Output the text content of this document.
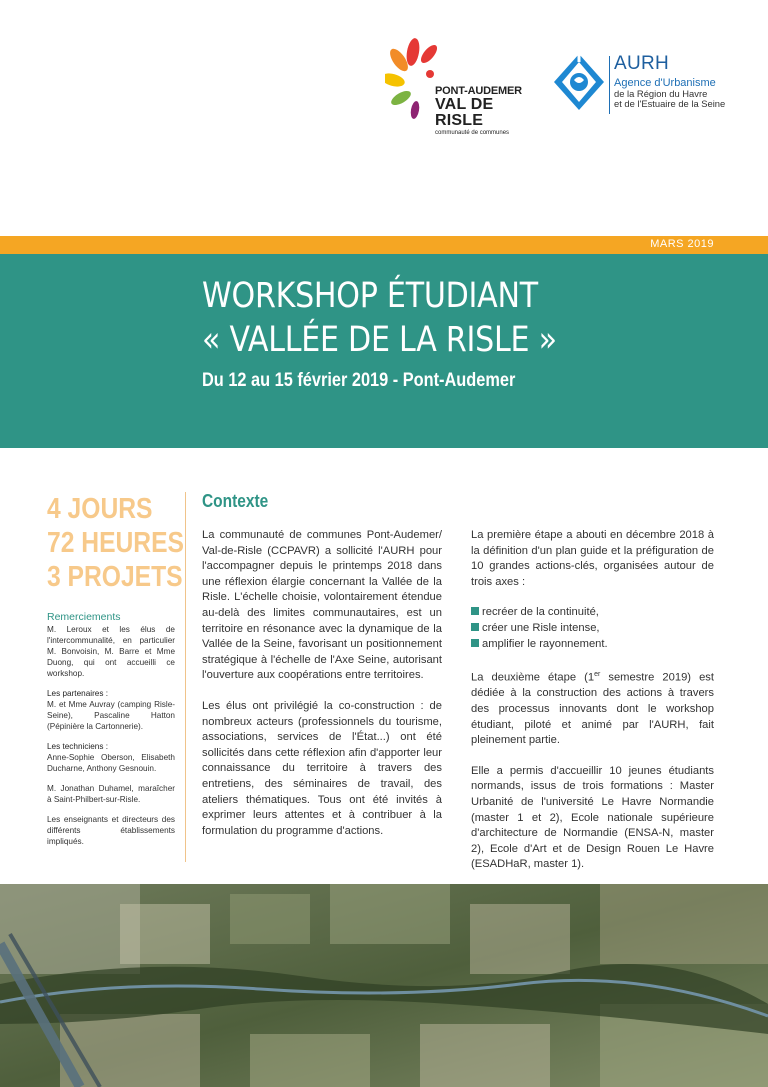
PONT-AUDEMER
VAL DE RISLE
communauté de communes
AURH
Agence d'Urbanisme
de la Région du Havre
et de l'Estuaire de la Seine
MARS 2019
WORKSHOP ÉTUDIANT
« VALLÉE DE LA RISLE »
Du 12 au 15 février 2019 - Pont-Audemer
4 JOURS
72 HEURES
3 PROJETS
Remerciements
M. Leroux et les élus de l'intercommunalité, en particulier M. Bonvoisin, M. Barre et Mme Duong, qui ont accueilli ce workshop.
Les partenaires :
M. et Mme Auvray (camping Risle-Seine), Pascaline Hatton (Pépinière la Cartonnerie).
Les techniciens :
Anne-Sophie Oberson, Elisabeth Ducharne, Anthony Gesnouin.
M. Jonathan Duhamel, maraîcher à Saint-Philbert-sur-Risle.
Les enseignants et directeurs des différents établissements impliqués.
Contexte

La communauté de communes Pont-Audemer/ Val-de-Risle (CCPAVR) a sollicité l'AURH pour l'accompagner depuis le printemps 2018 dans une réflexion élargie concernant la Vallée de la Risle. L'échelle choisie, volontairement étendue au-delà des limites communautaires, est un territoire en résonance avec la dynamique de la Vallée de la Seine, favorisant un positionnement stratégique à l'échelle de l'Axe Seine, autorisant l'ouverture aux coopérations entre territoires.

Les élus ont privilégié la co-construction : de nombreux acteurs (professionnels du tourisme, associations, services de l'État...) ont été sollicités dans cette réflexion afin d'apporter leur connaissance du territoire à travers des entretiens, des séminaires de travail, des ateliers thématiques. Tous ont été invités à exprimer leurs attentes et à contribuer à la formulation du programme d'actions.

La première étape a abouti en décembre 2018 à la définition d'un plan guide et la préfiguration de 10 grandes actions-clés, organisées autour de trois axes :

recréer de la continuité,
créer une Risle intense,
amplifier le rayonnement.

La deuxième étape (1er semestre 2019) est dédiée à la construction des actions à travers des processus innovants dont le workshop étudiant, piloté et animé par l'AURH, fait pleinement partie.

Elle a permis d'accueillir 10 jeunes étudiants normands, issus de trois formations : Master Urbanité de l'université Le Havre Normandie (master 1 et 2), Ecole nationale supérieure d'architecture de Normandie (ENSA-N, master 2), Ecole d'Art et de Design Rouen Le Havre (ESADHaR, master 1).
